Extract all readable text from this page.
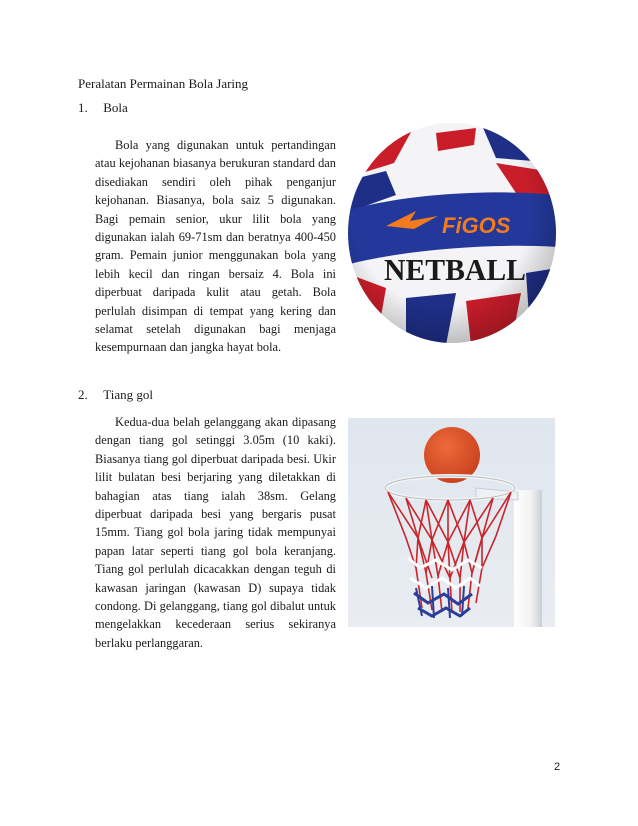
Peralatan Permainan Bola Jaring
1. Bola

Bola yang digunakan untuk pertandingan atau kejohanan biasanya berukuran standard dan disediakan sendiri oleh pihak penganjur kejohanan. Biasanya, bola saiz 5 digunakan. Bagi pemain senior, ukur lilit bola yang digunakan ialah 69-71sm dan beratnya 400-450 gram. Pemain junior menggunakan bola yang lebih kecil dan ringan bersaiz 4. Bola ini diperbuat daripada kulit atau getah. Bola perlulah disimpan di tempat yang kering dan selamat setelah digunakan bagi menjaga kesempurnaan dan jangka hayat bola.

FiGOS
NETBALL
2. Tiang gol

Kedua-dua belah gelanggang akan dipasang dengan tiang gol setinggi 3.05m (10 kaki). Biasanya tiang gol diperbuat daripada besi. Ukir lilit bulatan besi berjaring yang diletakkan di bahagian atas tiang ialah 38sm. Gelang diperbuat daripada besi yang bergaris pusat 15mm. Tiang gol bola jaring tidak mempunyai papan latar seperti tiang gol bola keranjang. Tiang gol perlulah dicacakkan dengan teguh di kawasan jaringan (kawasan D) supaya tidak condong. Di gelanggang, tiang gol dibalut untuk mengelakkan kecederaan serius sekiranya berlaku perlanggaran.

2
